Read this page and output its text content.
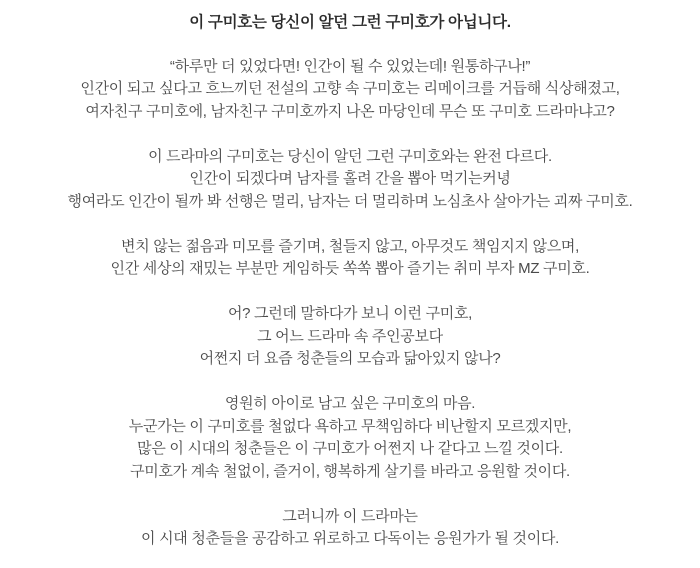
이 구미호는 당신이 알던 그런 구미호가 아닙니다.

“하루만 더 있었다면! 인간이 될 수 있었는데! 원통하구나!”
인간이 되고 싶다고 흐느끼던 전설의 고향 속 구미호는 리메이크를 거듭해 식상해졌고,
여자친구 구미호에, 남자친구 구미호까지 나온 마당인데 무슨 또 구미호 드라마냐고?

이 드라마의 구미호는 당신이 알던 그런 구미호와는 완전 다르다.
인간이 되겠다며 남자를 홀려 간을 뽑아 먹기는커녕
행여라도 인간이 될까 봐 선행은 멀리, 남자는 더 멀리하며 노심초사 살아가는 괴짜 구미호.

변치 않는 젊음과 미모를 즐기며, 철들지 않고, 아무것도 책임지지 않으며,
인간 세상의 재밌는 부분만 게임하듯 쏙쏙 뽑아 즐기는 취미 부자 MZ 구미호.

어? 그런데 말하다가 보니 이런 구미호,
그 어느 드라마 속 주인공보다
어쩐지 더 요즘 청춘들의 모습과 닮아있지 않나?

영원히 아이로 남고 싶은 구미호의 마음.
누군가는 이 구미호를 철없다 욕하고 무책임하다 비난할지 모르겠지만,
많은 이 시대의 청춘들은 이 구미호가 어쩐지 나 같다고 느낄 것이다.
구미호가 계속 철없이, 즐거이, 행복하게 살기를 바라고 응원할 것이다.

그러니까 이 드라마는
이 시대 청춘들을 공감하고 위로하고 다독이는 응원가가 될 것이다.
